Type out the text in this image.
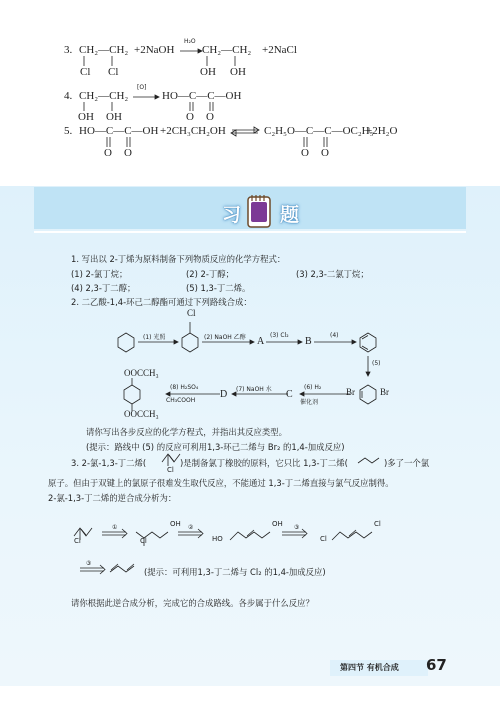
3. CH₂—CH₂
Cl Cl
+2NaOH
H₂O
CH₂—CH₂
OH OH
+2NaCl
4. CH₂—CH₂
OH OH
[O]
HO—C—C—OH
O O
5. HO—C—C—OH
O O
+2CH₃CH₂OH	C₂H₅O—C—C—OC₂H₅
O O
+2H₂O
习 题
1. 写出以 2-丁烯为原料制备下列物质反应的化学方程式：
(1) 2-氯丁烷；	(2) 2-丁醇；	(3) 2,3-二氯丁烷；
(4) 2,3-丁二醇；	(5) 1,3-丁二烯。
2. 二乙酸-1,4-环己二醇酯可通过下列路线合成：
Cl
(1) 光照	(2) NaOH 乙醇 A
(3) Cl₂
B
(4)
(5)
Br	Br
(6) H₂
催化剂
C
(7) NaOH 水
D
(8) H₂SO₄
CH₃COOH
OOCCH₃
OOCCH₃
请你写出各步反应的化学方程式，并指出其反应类型。
(提示：路线中 (5) 的反应可利用1,3-环己二烯与 Br₂ 的1,4-加成反应)
3. 2-氯-1,3-丁二烯(
Cl
)是制备氯丁橡胶的原料，它只比 1,3-丁二烯(	)多了一个氯
原子。但由于双键上的氯原子很难发生取代反应，不能通过 1,3-丁二烯直接与氯气反应制得。
2-氯-1,3-丁二烯的逆合成分析为：
Cl
①	OH
Cl
②
HO
OH ③
Cl
Cl
③
(提示：可利用1,3-丁二烯与 Cl₂ 的1,4-加成反应)
请你根据此逆合成分析，完成它的合成路线。各步属于什么反应？
第四节 有机合成	67
